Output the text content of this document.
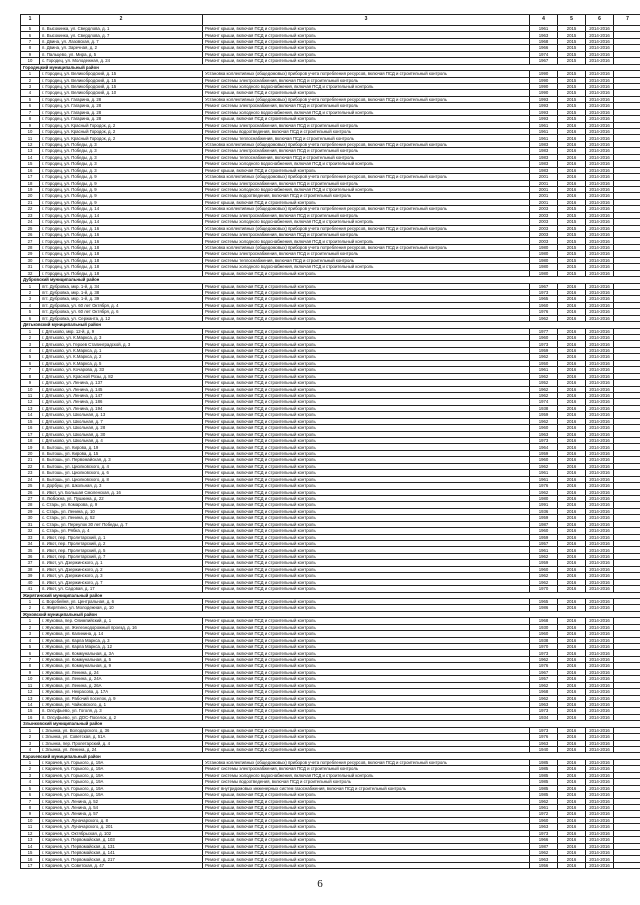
1	2	3	4	5	6	7
5	п. Высокинка, ул. Свердлова, д. 1	Ремонт крыши, включая ПСД и строительный контроль	1961	2015	2014-2016	
6	п. Высокинка, ул. Свердлова, д. 7	Ремонт крыши, включая ПСД и строительный контроль	1963	2015	2014-2016	
7	п. Двина, ул. Лазовская, д. 7	Ремонт крыши, включая ПСД и строительный контроль	1968	2015	2014-2016	
8	п. Двина, ул. Заречная, д. 2	Ремонт крыши, включая ПСД и строительный контроль	1966	2015	2014-2016	
9	п. Пальцево, ул. Мира, д. 5	Ремонт крыши, включая ПСД и строительный контроль	1974	2015	2014-2016	
10	с. Городец, ул. Молодежная, д. 24	Ремонт крыши, включая ПСД и строительный контроль	1967	2015	2014-2016	
Городецкий муниципальный район						
1	г. Городец, ул. Великобродский, д. 15	Установка коллективных (общедомовых) приборов учета потребления ресурсов, включая ПСД и строительный контроль	1990	2015	2014-2016	
2	г. Городец, ул. Великобродский, д. 15	Ремонт системы электроснабжения, включая ПСД и строительный контроль	1990	2015	2014-2016	
3	г. Городец, ул. Великобродский, д. 15	Ремонт системы холодного водоснабжения, включая ПСД и строительный контроль	1990	2015	2014-2016	
4	г. Городец, ул. Великобродский, д. 10	Ремонт крыши, включая ПСД и строительный контроль	1990	2015	2014-2016	
5	г. Городец, ул. Гагарина, д. 28	Установка коллективных (общедомовых) приборов учета потребления ресурсов, включая ПСД и строительный контроль	1993	2015	2014-2016	
6	г. Городец, ул. Гагарина, д. 28	Ремонт системы электроснабжения, включая ПСД и строительный контроль	1993	2015	2014-2016	
7	г. Городец, ул. Гагарина, д. 28	Ремонт системы холодного водоснабжения, включая ПСД и строительный контроль	1993	2015	2014-2016	
8	г. Городец, ул. Гагарина, д. 28	Ремонт крыши, включая ПСД и строительный контроль	1993	2015	2014-2016	
9	г. Городец, ул. Красный Городок, д. 2	Ремонт системы электроснабжения, включая ПСД и строительный контроль	1961	2016	2014-2016	
10	г. Городец, ул. Красный Городок, д. 2	Ремонт системы водоотведения, включая ПСД и строительный контроль	1961	2016	2014-2016	
11	г. Городец, ул. Красный Городок, д. 2	Ремонт системы теплоснабжения, включая ПСД и строительный контроль	1961	2016	2014-2016	
12	г. Городец, ул. Победы, д. 3	Установка коллективных (общедомовых) приборов учета потребления ресурсов, включая ПСД и строительный контроль	1983	2016	2014-2016	
13	г. Городец, ул. Победы, д. 3	Ремонт системы электроснабжения, включая ПСД и строительный контроль	1983	2016	2014-2016	
14	г. Городец, ул. Победы, д. 3	Ремонт системы теплоснабжения, включая ПСД и строительный контроль	1983	2016	2014-2016	
15	г. Городец, ул. Победы, д. 3	Ремонт системы холодного водоснабжения, включая ПСД и строительный контроль	1983	2016	2014-2016	
16	г. Городец, ул. Победы, д. 3	Ремонт крыши, включая ПСД и строительный контроль	1983	2016	2014-2016	
17	г. Городец, ул. Победы, д. 9	Установка коллективных (общедомовых) приборов учета потребления ресурсов, включая ПСД и строительный контроль	2001	2016	2014-2016	
18	г. Городец, ул. Победы, д. 9	Ремонт системы электроснабжения, включая ПСД и строительный контроль	2001	2016	2014-2016	
19	г. Городец, ул. Победы, д. 9	Ремонт системы холодного водоснабжения, включая ПСД и строительный контроль	2001	2016	2014-2016	
20	г. Городец, ул. Победы, д. 9	Ремонт системы водоотведения, включая ПСД и строительный контроль	2001	2016	2014-2016	
21	г. Городец, ул. Победы, д. 9	Ремонт крыши, включая ПСД и строительный контроль	2001	2016	2014-2016	
22	г. Городец, ул. Победы, д. 14	Установка коллективных (общедомовых) приборов учета потребления ресурсов, включая ПСД и строительный контроль	2003	2015	2014-2016	
23	г. Городец, ул. Победы, д. 14	Ремонт системы электроснабжения, включая ПСД и строительный контроль	2003	2015	2014-2016	
24	г. Городец, ул. Победы, д. 14	Ремонт системы холодного водоснабжения, включая ПСД и строительный контроль	2003	2015	2014-2016	
25	г. Городец, ул. Победы, д. 16	Установка коллективных (общедомовых) приборов учета потребления ресурсов, включая ПСД и строительный контроль	2003	2015	2014-2016	
26	г. Городец, ул. Победы, д. 16	Ремонт системы электроснабжения, включая ПСД и строительный контроль	2003	2015	2014-2016	
27	г. Городец, ул. Победы, д. 16	Ремонт системы холодного водоснабжения, включая ПСД и строительный контроль	2003	2015	2014-2016	
28	г. Городец, ул. Победы, д. 18	Установка коллективных (общедомовых) приборов учета потребления ресурсов, включая ПСД и строительный контроль	1980	2015	2014-2016	
29	г. Городец, ул. Победы, д. 18	Ремонт системы электроснабжения, включая ПСД и строительный контроль	1980	2015	2014-2016	
30	г. Городец, ул. Победы, д. 18	Ремонт системы теплоснабжения, включая ПСД и строительный контроль	1980	2015	2014-2016	
31	г. Городец, ул. Победы, д. 18	Ремонт системы холодного водоснабжения, включая ПСД и строительный контроль	1980	2015	2014-2016	
32	г. Городец, ул. Победы, д. 18	Ремонт крыши, включая ПСД и строительный контроль	1980	2015	2014-2016	
Дубровский муниципальный район						
1	пгт. Дубровка, мкр. 1-й, д. 34	Ремонт крыши, включая ПСД и строительный контроль	1967	2016	2014-2016	
2	пгт. Дубровка, мкр. 1-й, д. 38	Ремонт крыши, включая ПСД и строительный контроль	1973	2016	2014-2016	
3	пгт. Дубровка, мкр. 1-й, д. 39	Ремонт крыши, включая ПСД и строительный контроль	1965	2016	2014-2016	
4	пгт. Дубровка, ул. 60 лет Октября, д. 4	Ремонт крыши, включая ПСД и строительный контроль	1960	2016	2014-2016	
5	пгт. Дубровка, ул. 60 лет Октября, д. 6	Ремонт крыши, включая ПСД и строительный контроль	1976	2016	2014-2016	
6	пгт. Дубровка, ул. Сержанта, д. 12	Ремонт крыши, включая ПСД и строительный контроль	1962	2016	2014-2016	
Дятьковский муниципальный район						
1	г. Дятьково, мкр. 12-й, д. 9	Ремонт крыши, включая ПСД и строительный контроль	1977	2016	2014-2016	
2	г. Дятьково, ул. К.Маркса, д. 3	Ремонт крыши, включая ПСД и строительный контроль	1960	2016	2014-2016	
3	г. Дятьково, ул. Героев Сталинградской, д. 3	Ремонт крыши, включая ПСД и строительный контроль	1973	2016	2014-2016	
4	г. Дятьково, ул. К.Маркса, д. 1	Ремонт крыши, включая ПСД и строительный контроль	1959	2016	2014-2016	
5	г. Дятьково, ул. К.Маркса, д. 2	Ремонт крыши, включая ПСД и строительный контроль	1962	2016	2014-2016	
6	г. Дятьково, ул. К.Маркса, д. 5	Ремонт крыши, включая ПСД и строительный контроль	1950	2016	2014-2016	
7	г. Дятьково, ул. Кочарова, д. 33	Ремонт крыши, включая ПСД и строительный контроль	1961	2016	2014-2016	
8	г. Дятьково, ул. Красной Розы, д. 82	Ремонт крыши, включая ПСД и строительный контроль	1962	2016	2014-2016	
9	г. Дятьково, ул. Ленина, д. 137	Ремонт крыши, включая ПСД и строительный контроль	1952	2016	2014-2016	
10	г. Дятьково, ул. Ленина, д. 145	Ремонт крыши, включая ПСД и строительный контроль	1962	2016	2014-2016	
11	г. Дятьково, ул. Ленина, д. 147	Ремонт крыши, включая ПСД и строительный контроль	1962	2016	2014-2016	
12	г. Дятьково, ул. Ленина, д. 186	Ремонт крыши, включая ПСД и строительный контроль	1974	2016	2014-2016	
13	г. Дятьково, ул. Ленина, д. 194	Ремонт крыши, включая ПСД и строительный контроль	1938	2016	2014-2016	
14	г. Дятьково, ул. Школьная, д. 13	Ремонт крыши, включая ПСД и строительный контроль	1959	2016	2014-2016	
15	г. Дятьково, ул. Школьная, д. 7	Ремонт крыши, включая ПСД и строительный контроль	1962	2016	2014-2016	
16	г. Дятьково, ул. Школьная, д. 28	Ремонт крыши, включая ПСД и строительный контроль	1960	2016	2014-2016	
17	г. Дятьково, ул. Школьная, д. 30	Ремонт крыши, включая ПСД и строительный контроль	1963	2016	2014-2016	
18	г. Дятьково, ул. Школьная, д. 4	Ремонт крыши, включая ПСД и строительный контроль	1973	2016	2014-2016	
19	п. Бытошь, ул. Кирова, д. 19	Ремонт крыши, включая ПСД и строительный контроль	1964	2016	2014-2016	
20	п. Бытошь, ул. Кирова, д. 15	Ремонт крыши, включая ПСД и строительный контроль	1959	2016	2014-2016	
21	п. Бытошь, ул. Первомайская, д. 3	Ремонт крыши, включая ПСД и строительный контроль	1960	2016	2014-2016	
22	п. Бытошь, ул. Циолковского, д. 4	Ремонт крыши, включая ПСД и строительный контроль	1962	2016	2014-2016	
23	п. Бытошь, ул. Циолковского, д. 6	Ремонт крыши, включая ПСД и строительный контроль	1961	2016	2014-2016	
24	п. Бытошь, ул. Циолковского, д. 8	Ремонт крыши, включая ПСД и строительный контроль	1961	2016	2014-2016	
25	п. Дорбуш, ул. Школьная, д. 3	Ремонт крыши, включая ПСД и строительный контроль	1976	2016	2014-2016	
26	п. Ивот, ул. Большая Смоленская, д. 16	Ремонт крыши, включая ПСД и строительный контроль	1962	2016	2014-2016	
27	п. Любохна, ул. Пушкина, д. 22	Ремонт крыши, включая ПСД и строительный контроль	1980	2016	2014-2016	
28	с. Старь, ул. Комарова, д. 9	Ремонт крыши, включая ПСД и строительный контроль	1991	2016	2014-2016	
29	с. Старь, ул. Ленина, д. 10	Ремонт крыши, включая ПСД и строительный контроль	1936	2016	2014-2016	
30	с. Старь, ул. Ленина, д. 52	Ремонт крыши, включая ПСД и строительный контроль	1959	2016	2014-2016	
31	с. Старь, ул. Переулок 30 лет Победы, д. 7	Ремонт крыши, включая ПСД и строительный контроль	1987	2016	2014-2016	
32	с. Старь, ул. Рябка, д. 4	Ремонт крыши, включая ПСД и строительный контроль	1960	2016	2014-2016	
33	п. Ивот, пер. Пролетарский, д. 1	Ремонт крыши, включая ПСД и строительный контроль	1959	2016	2014-2016	
34	п. Ивот, пер. Пролетарский, д. 2	Ремонт крыши, включая ПСД и строительный контроль	1957	2016	2014-2016	
35	п. Ивот, пер. Пролетарский, д. 5	Ремонт крыши, включая ПСД и строительный контроль	1961	2016	2014-2016	
36	п. Ивот, пер. Пролетарский, д. 7	Ремонт крыши, включая ПСД и строительный контроль	1962	2016	2014-2016	
37	п. Ивот, ул. Дзержинского, д. 1	Ремонт крыши, включая ПСД и строительный контроль	1959	2016	2014-2016	
38	п. Ивот, ул. Дзержинского, д. 2	Ремонт крыши, включая ПСД и строительный контроль	1960	2016	2014-2016	
39	п. Ивот, ул. Дзержинского, д. 3	Ремонт крыши, включая ПСД и строительный контроль	1962	2016	2014-2016	
40	п. Ивот, ул. Дзержинского, д. 7	Ремонт крыши, включая ПСД и строительный контроль	1962	2016	2014-2016	
41	п. Ивот, ул. Садовая, д. 17	Ремонт крыши, включая ПСД и строительный контроль	1970	2016	2014-2016	
Жирятинский муниципальный район						
1	с. Воробейня, ул. Центральная, д. 6	Ремонт крыши, включая ПСД и строительный контроль	1965	2016	2014-2016	
2	с. Жирятино, ул. Молодежная, д. 10	Ремонт крыши, включая ПСД и строительный контроль	1986	2016	2014-2016	
Жуковский муниципальный район						
1	г. Жуковка, пер. Олимпийский, д. 1	Ремонт крыши, включая ПСД и строительный контроль	1968	2016	2014-2016	
2	г. Жуковка, ул. Железнодорожный проезд, д. 16	Ремонт крыши, включая ПСД и строительный контроль	1930	2016	2014-2016	
3	г. Жуковка, ул. Калинина, д. 14	Ремонт крыши, включая ПСД и строительный контроль	1960	2016	2014-2016	
4	г. Жуковка, ул. Карла Маркса, д. 3	Ремонт крыши, включая ПСД и строительный контроль	1938	2016	2014-2016	
5	г. Жуковка, ул. Карла Маркса, д. 12	Ремонт крыши, включая ПСД и строительный контроль	1970	2016	2014-2016	
6	г. Жуковка, ул. Коммунальная, д. 3А	Ремонт крыши, включая ПСД и строительный контроль	1973	2016	2014-2016	
7	г. Жуковка, ул. Коммунальная, д. 5	Ремонт крыши, включая ПСД и строительный контроль	1962	2016	2014-2016	
8	г. Жуковка, ул. Коммунальная, д. 9	Ремонт крыши, включая ПСД и строительный контроль	1976	2016	2014-2016	
9	г. Жуковка, ул. Ленина, д. 24	Ремонт крыши, включая ПСД и строительный контроль	1967	2016	2014-2016	
10	г. Жуковка, ул. Ленина, д. 24А	Ремонт крыши, включая ПСД и строительный контроль	1957	2016	2014-2016	
11	г. Жуковка, ул. Ленина, д. 26А	Ремонт крыши, включая ПСД и строительный контроль	1962	2016	2014-2016	
12	г. Жуковка, ул. Некрасова, д. 17А	Ремонт крыши, включая ПСД и строительный контроль	1968	2016	2014-2016	
13	г. Жуковка, ул. Рабочий поселок, д. 9	Ремонт крыши, включая ПСД и строительный контроль	1962	2016	2014-2016	
14	г. Жуковка, ул. Чайковского, д. 1	Ремонт крыши, включая ПСД и строительный контроль	1963	2016	2014-2016	
15	п. Олсуфьево, ул. Гоголя, д. 3	Ремонт крыши, включая ПСД и строительный контроль	1973	2016	2014-2016	
16	п. Олсуфьево, ул. ДОС-Поселок, д. 2	Ремонт крыши, включая ПСД и строительный контроль	1934	2016	2014-2016	
Злынковский муниципальный район						
1	г. Злынка, ул. Володарского, д. 36	Ремонт крыши, включая ПСД и строительный контроль	1973	2016	2014-2016	
2	г. Злынка, ул. Советская, д. 51А	Ремонт крыши, включая ПСД и строительный контроль	1976	2016	2014-2016	
3	г. Злынка, пер. Пролетарский, д. 4	Ремонт крыши, включая ПСД и строительный контроль	1963	2016	2014-2016	
4	г. Злынка, ул. Ленина, д. 24	Ремонт крыши, включая ПСД и строительный контроль	1940	2016	2014-2016	
Карачевский муниципальный район						
1	г. Карачев, ул. Горького, д. 19А	Установка коллективных (общедомовых) приборов учета потребления ресурсов, включая ПСД и строительный контроль	1985	2016	2014-2016	
2	г. Карачев, ул. Горького, д. 19А	Ремонт системы электроснабжения, включая ПСД и строительный контроль	1985	2016	2014-2016	
3	г. Карачев, ул. Горького, д. 19А	Ремонт системы холодного водоснабжения, включая ПСД и строительный контроль	1985	2016	2014-2016	
4	г. Карачев, ул. Горького, д. 19А	Ремонт системы водоотведения, включая ПСД и строительный контроль	1985	2016	2014-2016	
5	г. Карачев, ул. Горького, д. 19А	Ремонт внутридомовых инженерных систем газоснабжения, включая ПСД и строительный контроль	1985	2016	2014-2016	
6	г. Карачев, ул. Горького, д. 19А	Ремонт крыши, включая ПСД и строительный контроль	1985	2016	2014-2016	
7	г. Карачев, ул. Ленина, д. 52	Ремонт крыши, включая ПСД и строительный контроль	1962	2016	2014-2016	
8	г. Карачев, ул. Ленина, д. 54	Ремонт крыши, включая ПСД и строительный контроль	1961	2016	2014-2016	
9	г. Карачев, ул. Ленина, д. 57	Ремонт крыши, включая ПСД и строительный контроль	1972	2016	2014-2016	
10	г. Карачев, ул. Луначарского, д. 8	Ремонт крыши, включая ПСД и строительный контроль	1960	2016	2014-2016	
11	г. Карачев, ул. Луначарского, д. 201	Ремонт крыши, включая ПСД и строительный контроль	1963	2016	2014-2016	
12	г. Карачев, ул. Октябрьская, д. 102	Ремонт крыши, включая ПСД и строительный контроль	1973	2016	2014-2016	
13	г. Карачев, ул. Первомайская, д. 103	Ремонт крыши, включая ПСД и строительный контроль	1966	2016	2014-2016	
14	г. Карачев, ул. Первомайская, д. 131	Ремонт крыши, включая ПСД и строительный контроль	1987	2016	2014-2016	
15	г. Карачев, ул. Первомайская, д. 141	Ремонт крыши, включая ПСД и строительный контроль	1962	2016	2014-2016	
16	г. Карачев, ул. Первомайская, д. 217	Ремонт крыши, включая ПСД и строительный контроль	1963	2016	2014-2016	
17	г. Карачев, ул. Советская, д. 47	Ремонт крыши, включая ПСД и строительный контроль	1956	2016	2014-2016	
6
